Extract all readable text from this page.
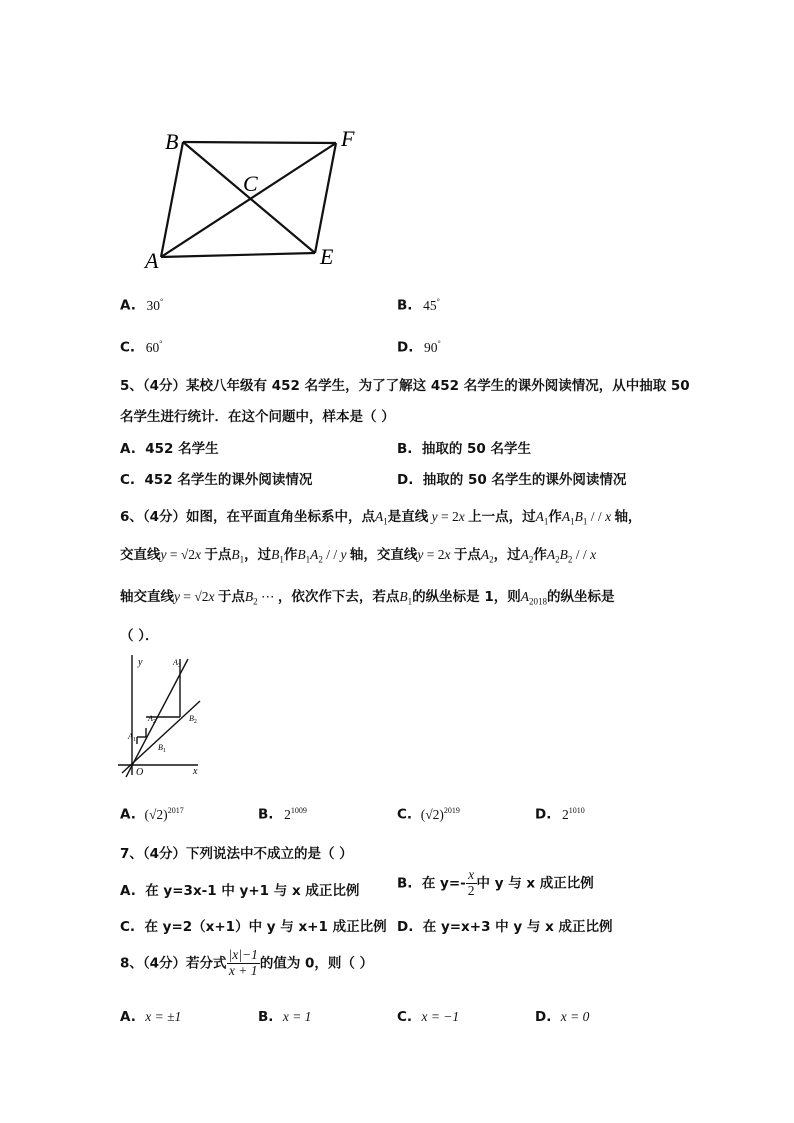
B	F
C
A	E
A. 30°	B. 45°
C. 60°	D. 90°
5、（4分）某校八年级有 452 名学生，为了了解这 452 名学生的课外阅读情况，从中抽取 50
名学生进行统计．在这个问题中，样本是（ ）
A. 452 名学生	B. 抽取的 50 名学生
C. 452 名学生的课外阅读情况	D. 抽取的 50 名学生的课外阅读情况
6、（4分）如图，在平面直角坐标系中，点$A_1$是直线 y = 2x 上一点，过$A_1$作$A_1B_1$ / / x 轴，
交直线y = √2x 于点$B_1$，过$B_1$作$B_1A_2$ / / y 轴，交直线y = 2x 于点$A_2$，过$A_2$作$A_2B_2$ / / x
轴交直线y = √2x 于点$B_2$ ⋯ ，依次作下去，若点$B_1$的纵坐标是 1，则$A_{2018}$的纵坐标是
（ ）．
y
x
O
$A_3$
$A_2$
$A_1$
$B_2$
$B_1$
A. $(√2)^{2017}$	B. $2^{1009}$	C. $(√2)^{2019}$	D. $2^{1010}$
7、（4分）下列说法中不成立的是（ ）
A. 在 y=3x-1 中 y+1 与 x 成正比例	B. 在 $y=- \frac{x}{2}$ 中 y 与 x 成正比例
C. 在 y=2（x+1）中 y 与 x+1 成正比例 D. 在 y=x+3 中 y 与 x 成正比例
8、（4分）若分式 $\frac{|x|-1}{x + 1}$ 的值为 0，则（ ）
A. x = ±1	B. x = 1	C. x = −1	D. x = 0
